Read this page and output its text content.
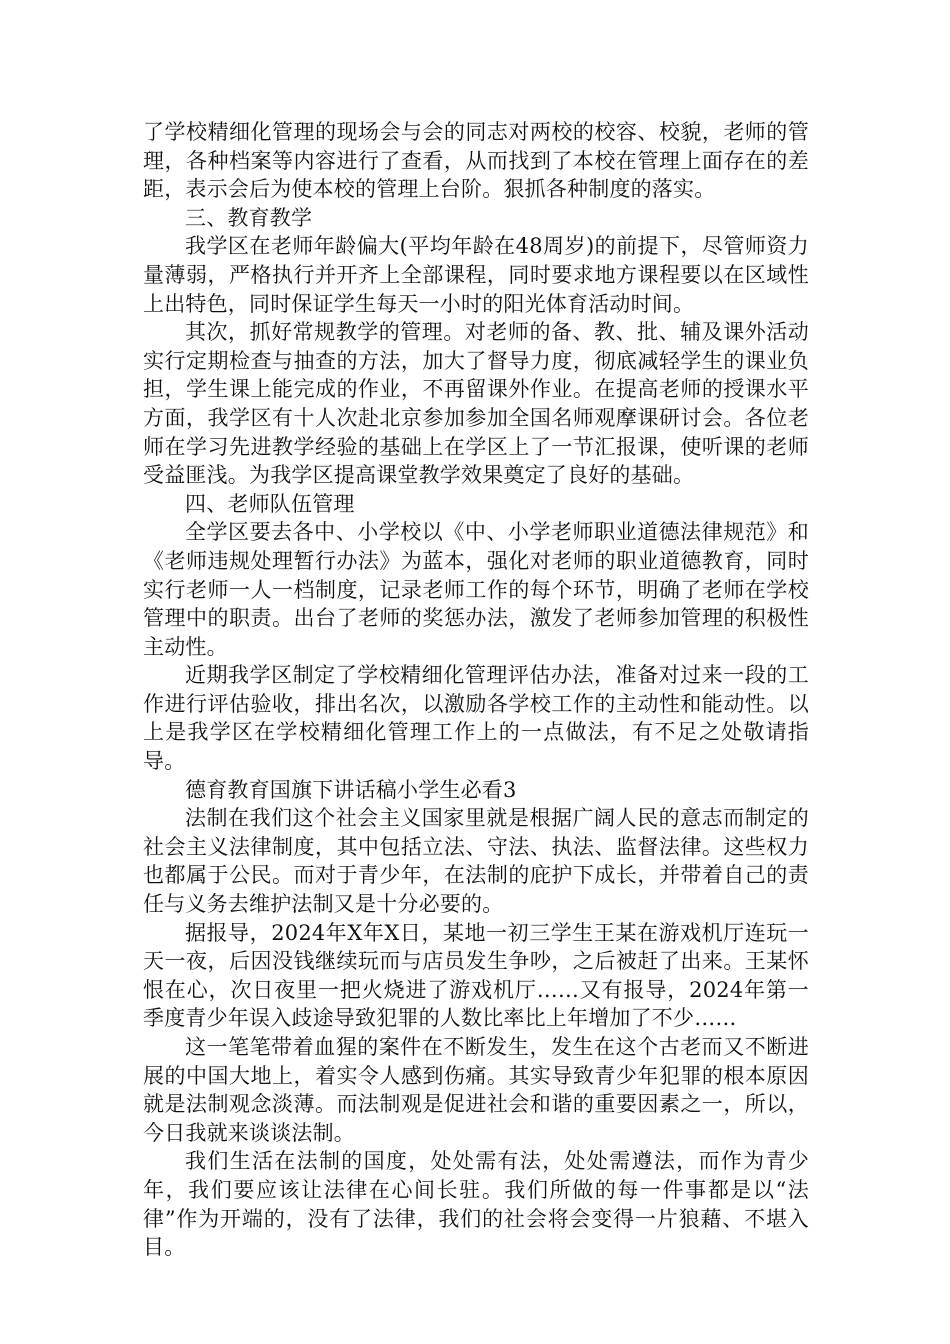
了学校精细化管理的现场会与会的同志对两校的校容、校貌，老师的管理，各种档案等内容进行了查看，从而找到了本校在管理上面存在的差距，表示会后为使本校的管理上台阶。狠抓各种制度的落实。

三、教育教学

我学区在老师年龄偏大(平均年龄在48周岁)的前提下，尽管师资力量薄弱，严格执行并开齐上全部课程，同时要求地方课程要以在区域性上出特色，同时保证学生每天一小时的阳光体育活动时间。

其次，抓好常规教学的管理。对老师的备、教、批、辅及课外活动实行定期检查与抽查的方法，加大了督导力度，彻底减轻学生的课业负担，学生课上能完成的作业，不再留课外作业。在提高老师的授课水平方面，我学区有十人次赴北京参加参加全国名师观摩课研讨会。各位老师在学习先进教学经验的基础上在学区上了一节汇报课，使听课的老师受益匪浅。为我学区提高课堂教学效果奠定了良好的基础。

四、老师队伍管理

全学区要去各中、小学校以《中、小学老师职业道德法律规范》和《老师违规处理暂行办法》为蓝本，强化对老师的职业道德教育，同时实行老师一人一档制度，记录老师工作的每个环节，明确了老师在学校管理中的职责。出台了老师的奖惩办法，激发了老师参加管理的积极性主动性。

近期我学区制定了学校精细化管理评估办法，准备对过来一段的工作进行评估验收，排出名次，以激励各学校工作的主动性和能动性。以上是我学区在学校精细化管理工作上的一点做法，有不足之处敬请指导。

德育教育国旗下讲话稿小学生必看3

法制在我们这个社会主义国家里就是根据广阔人民的意志而制定的社会主义法律制度，其中包括立法、守法、执法、监督法律。这些权力也都属于公民。而对于青少年，在法制的庇护下成长，并带着自己的责任与义务去维护法制又是十分必要的。

据报导，2024年X年X日，某地一初三学生王某在游戏机厅连玩一天一夜，后因没钱继续玩而与店员发生争吵，之后被赶了出来。王某怀恨在心，次日夜里一把火烧进了游戏机厅……又有报导，2024年第一季度青少年误入歧途导致犯罪的人数比率比上年增加了不少……

这一笔笔带着血猩的案件在不断发生，发生在这个古老而又不断进展的中国大地上，着实令人感到伤痛。其实导致青少年犯罪的根本原因就是法制观念淡薄。而法制观是促进社会和谐的重要因素之一，所以，今日我就来谈谈法制。

我们生活在法制的国度，处处需有法，处处需遵法，而作为青少年，我们要应该让法律在心间长驻。我们所做的每一件事都是以“法律”作为开端的，没有了法律，我们的社会将会变得一片狼藉、不堪入目。
